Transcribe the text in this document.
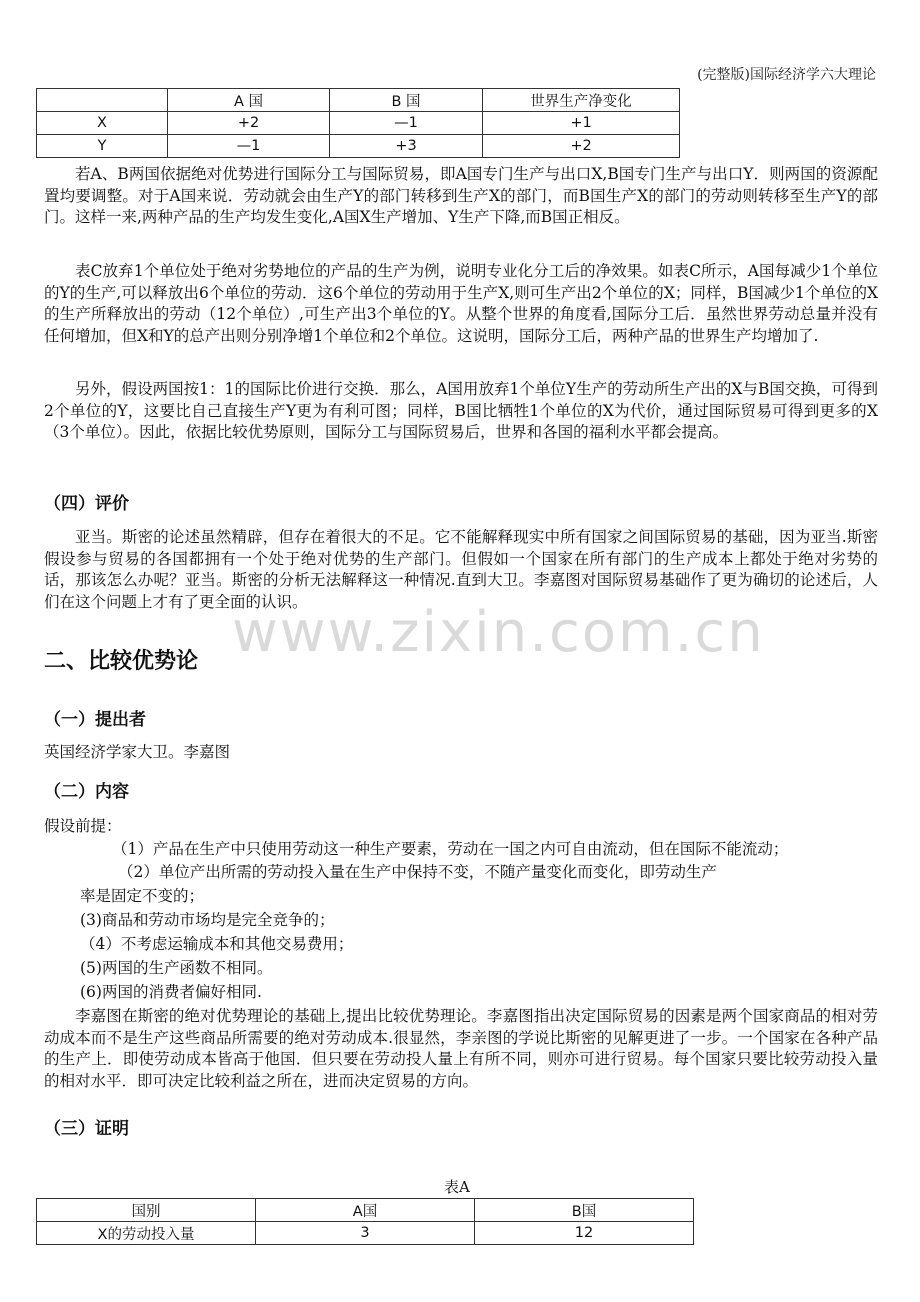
(完整版)国际经济学六大理论
	A 国	B 国	世界生产净变化
X	+2	—1	+1
Y	—1	+3	+2

若A、B两国依据绝对优势进行国际分工与国际贸易，即A国专门生产与出口X,B国专门生产与出口Y．则两国的资源配置均要调整。对于A国来说．劳动就会由生产Y的部门转移到生产X的部门，而B国生产X的部门的劳动则转移至生产Y的部门。这样一来,两种产品的生产均发生变化,A国X生产增加、Y生产下降,而B国正相反。

表C放弃1个单位处于绝对劣势地位的产品的生产为例，说明专业化分工后的净效果。如表C所示，A国每减少1个单位的Y的生产,可以释放出6个单位的劳动．这6个单位的劳动用于生产X,则可生产出2个单位的X；同样，B国减少1个单位的X的生产所释放出的劳动（12个单位）,可生产出3个单位的Y。从整个世界的角度看,国际分工后．虽然世界劳动总量并没有任何增加，但X和Y的总产出则分别净增1个单位和2个单位。这说明，国际分工后，两种产品的世界生产均增加了.

另外，假设两国按1：1的国际比价进行交换．那么，A国用放弃1个单位Y生产的劳动所生产出的X与B国交换，可得到2个单位的Y，这要比自己直接生产Y更为有利可图；同样，B国比牺牲1个单位的X为代价，通过国际贸易可得到更多的X（3个单位）。因此，依据比较优势原则，国际分工与国际贸易后，世界和各国的福利水平都会提高。

（四）评价

亚当。斯密的论述虽然精辟，但存在着很大的不足。它不能解释现实中所有国家之间国际贸易的基础，因为亚当.斯密假设参与贸易的各国都拥有一个处于绝对优势的生产部门。但假如一个国家在所有部门的生产成本上都处于绝对劣势的话，那该怎么办呢？亚当。斯密的分析无法解释这一种情况.直到大卫。李嘉图对国际贸易基础作了更为确切的论述后，人们在这个问题上才有了更全面的认识。

www.zixin.com.cn
二、比较优势论
（一）提出者

英国经济学家大卫。李嘉图

（二）内容

假设前提：

（1）产品在生产中只使用劳动这一种生产要素，劳动在一国之内可自由流动，但在国际不能流动；

（2）单位产出所需的劳动投入量在生产中保持不变，不随产量变化而变化，即劳动生产

率是固定不变的；

(3)商品和劳动市场均是完全竞争的；

（4）不考虑运输成本和其他交易费用；

(5)两国的生产函数不相同。

(6)两国的消费者偏好相同.

李嘉图在斯密的绝对优势理论的基础上,提出比较优势理论。李嘉图指出决定国际贸易的因素是两个国家商品的相对劳动成本而不是生产这些商品所需要的绝对劳动成本.很显然，李亲图的学说比斯密的见解更进了一步。一个国家在各种产品的生产上．即使劳动成本皆高于他国．但只要在劳动投人量上有所不同，则亦可进行贸易。每个国家只要比较劳动投入量的相对水平．即可决定比较利益之所在，进而决定贸易的方向。

（三）证明
表A
国别	A国	B国
X的劳动投入量	3	12
